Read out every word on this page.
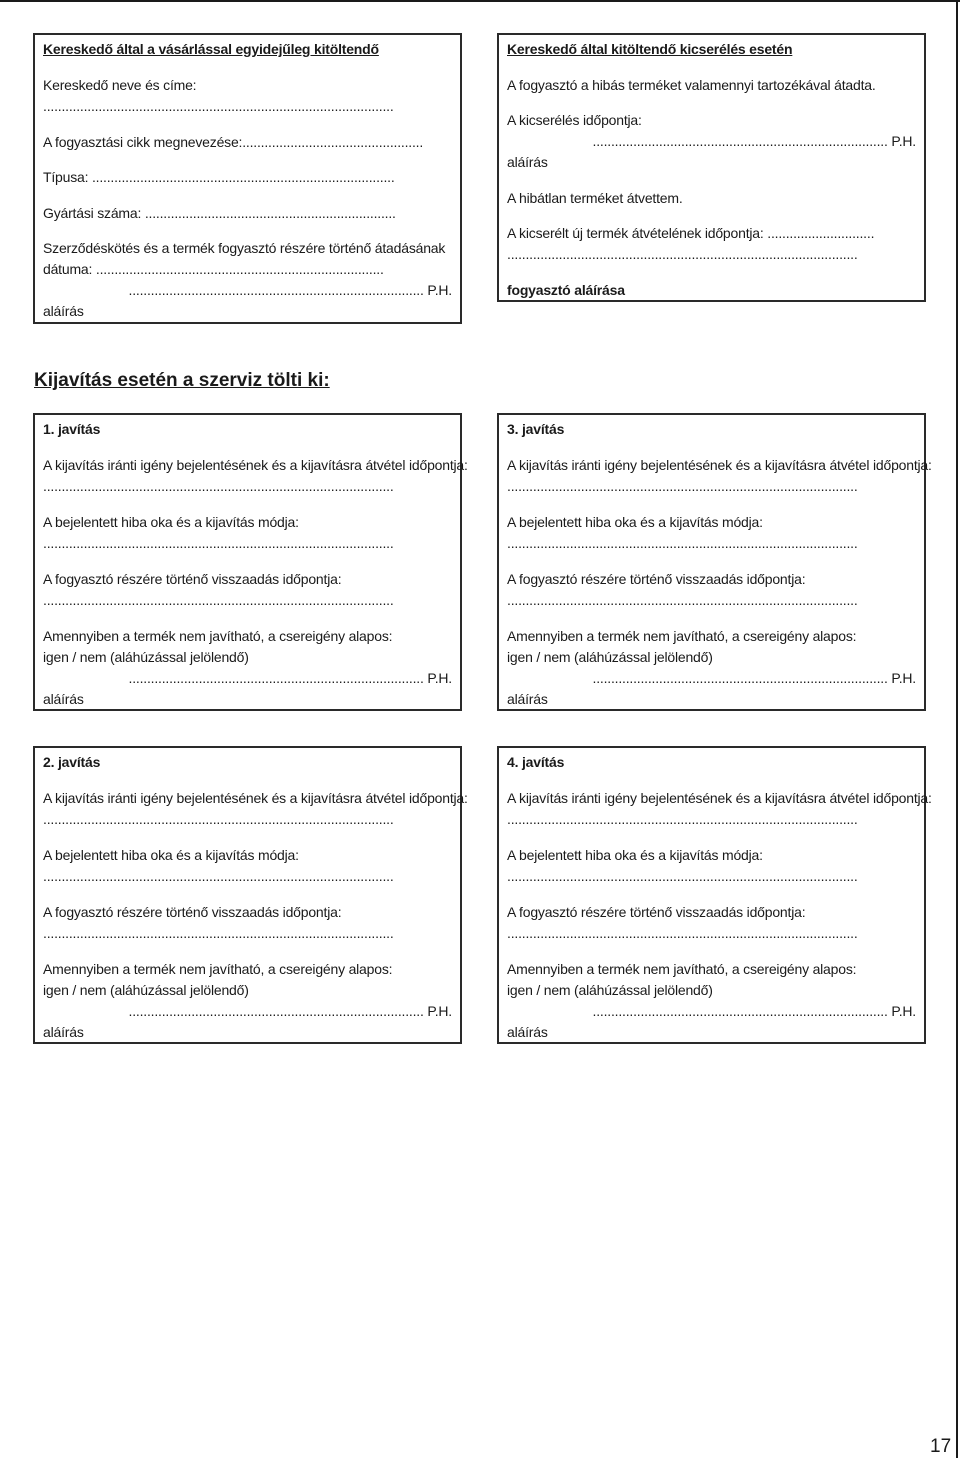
Kereskedő által a vásárlással egyidejűleg kitöltendő
Kereskedő neve és címe:
...............................................................................................
A fogyasztási cikk megnevezése:.................................................
Típusa: ..................................................................................
Gyártási száma: ....................................................................
Szerződéskötés és a termék fogyasztó részére történő átadásának
dátuma: ..............................................................................
................................................................................ P.H.
aláírás
Kereskedő által kitöltendő kicserélés esetén
A fogyasztó a hibás terméket valamennyi tartozékával átadta.
A kicserélés időpontja:
................................................................................ P.H.
aláírás
A hibátlan terméket átvettem.
A kicserélt új termék átvételének időpontja: .............................
...............................................................................................
fogyasztó aláírása
Kijavítás esetén a szerviz tölti ki:
1. javítás
A kijavítás iránti igény bejelentésének és a kijavításra átvétel időpontja:
...............................................................................................
A bejelentett hiba oka és a kijavítás módja:
...............................................................................................
A fogyasztó részére történő visszaadás időpontja:
...............................................................................................
Amennyiben a termék nem javítható, a csereigény alapos:
igen / nem (aláhúzással jelölendő)
................................................................................ P.H.
aláírás
3. javítás
A kijavítás iránti igény bejelentésének és a kijavításra átvétel időpontja:
...............................................................................................
A bejelentett hiba oka és a kijavítás módja:
...............................................................................................
A fogyasztó részére történő visszaadás időpontja:
...............................................................................................
Amennyiben a termék nem javítható, a csereigény alapos:
igen / nem (aláhúzással jelölendő)
................................................................................ P.H.
aláírás
2. javítás
A kijavítás iránti igény bejelentésének és a kijavításra átvétel időpontja:
...............................................................................................
A bejelentett hiba oka és a kijavítás módja:
...............................................................................................
A fogyasztó részére történő visszaadás időpontja:
...............................................................................................
Amennyiben a termék nem javítható, a csereigény alapos:
igen / nem (aláhúzással jelölendő)
................................................................................ P.H.
aláírás
4. javítás
A kijavítás iránti igény bejelentésének és a kijavításra átvétel időpontja:
...............................................................................................
A bejelentett hiba oka és a kijavítás módja:
...............................................................................................
A fogyasztó részére történő visszaadás időpontja:
...............................................................................................
Amennyiben a termék nem javítható, a csereigény alapos:
igen / nem (aláhúzással jelölendő)
................................................................................ P.H.
aláírás
17
